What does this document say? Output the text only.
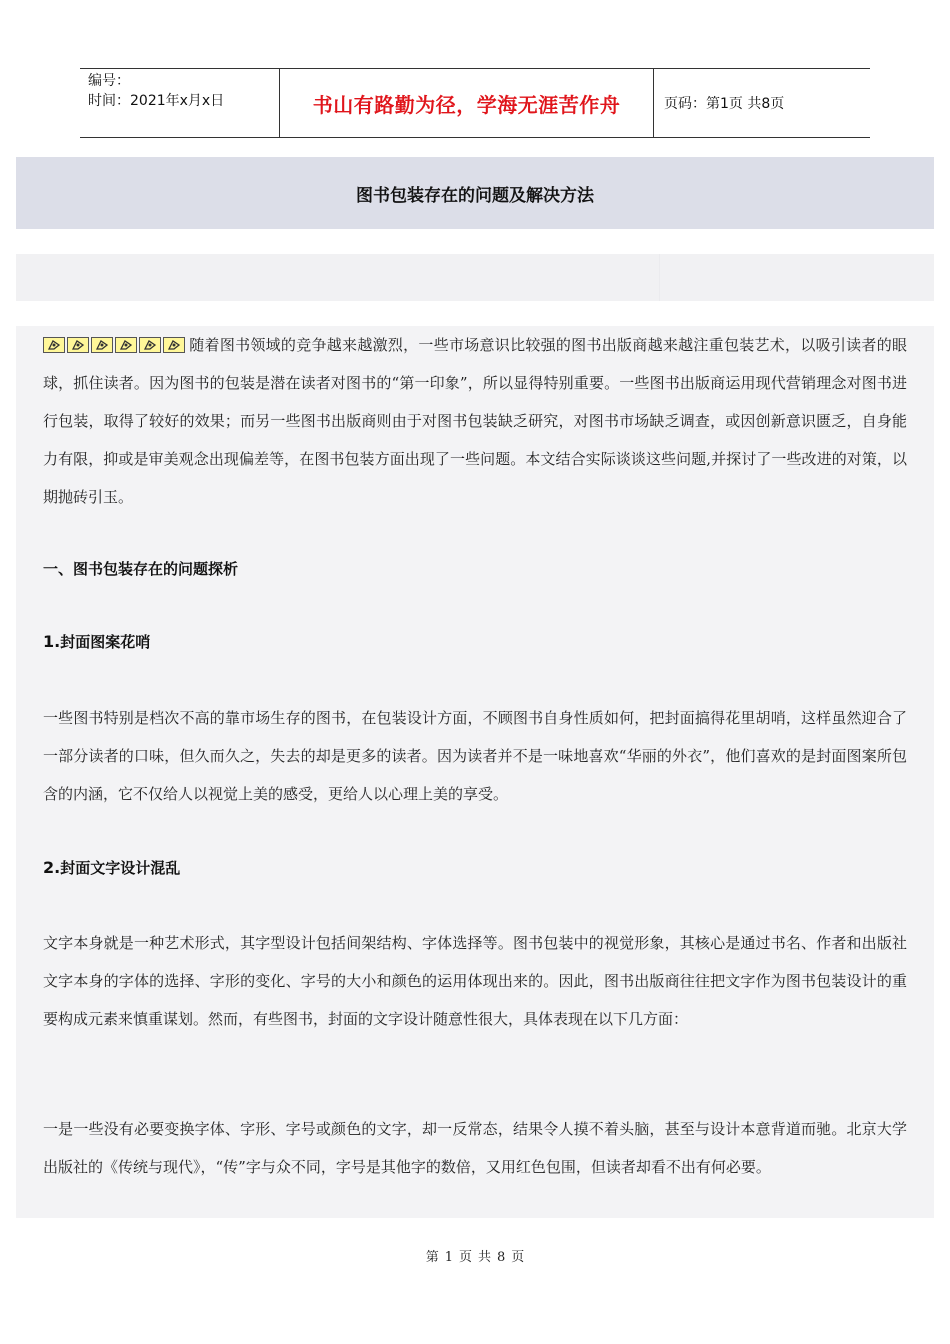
编号：
时间：2021年x月x日	书山有路勤为径，学海无涯苦作舟	页码：第1页 共8页
图书包装存在的问题及解决方法

随着图书领域的竞争越来越激烈，一些市场意识比较强的图书出版商越来越注重包装艺术，以吸引读者的眼球，抓住读者。因为图书的包装是潜在读者对图书的“第一印象”，所以显得特别重要。一些图书出版商运用现代营销理念对图书进行包装，取得了较好的效果；而另一些图书出版商则由于对图书包装缺乏研究，对图书市场缺乏调查，或因创新意识匮乏，自身能力有限，抑或是审美观念出现偏差等，在图书包装方面出现了一些问题。本文结合实际谈谈这些问题,并探讨了一些改进的对策，以期抛砖引玉。

一、图书包装存在的问题探析

1.封面图案花哨

一些图书特别是档次不高的靠市场生存的图书，在包装设计方面，不顾图书自身性质如何，把封面搞得花里胡哨，这样虽然迎合了一部分读者的口味，但久而久之，失去的却是更多的读者。因为读者并不是一味地喜欢“华丽的外衣”，他们喜欢的是封面图案所包含的内涵，它不仅给人以视觉上美的感受，更给人以心理上美的享受。

2.封面文字设计混乱

文字本身就是一种艺术形式，其字型设计包括间架结构、字体选择等。图书包装中的视觉形象，其核心是通过书名、作者和出版社文字本身的字体的选择、字形的变化、字号的大小和颜色的运用体现出来的。因此，图书出版商往往把文字作为图书包装设计的重要构成元素来慎重谋划。然而，有些图书，封面的文字设计随意性很大，具体表现在以下几方面：

一是一些没有必要变换字体、字形、字号或颜色的文字，却一反常态，结果令人摸不着头脑，甚至与设计本意背道而驰。北京大学出版社的《传统与现代》，“传”字与众不同，字号是其他字的数倍，又用红色包围，但读者却看不出有何必要。

第 1 页 共 8 页
